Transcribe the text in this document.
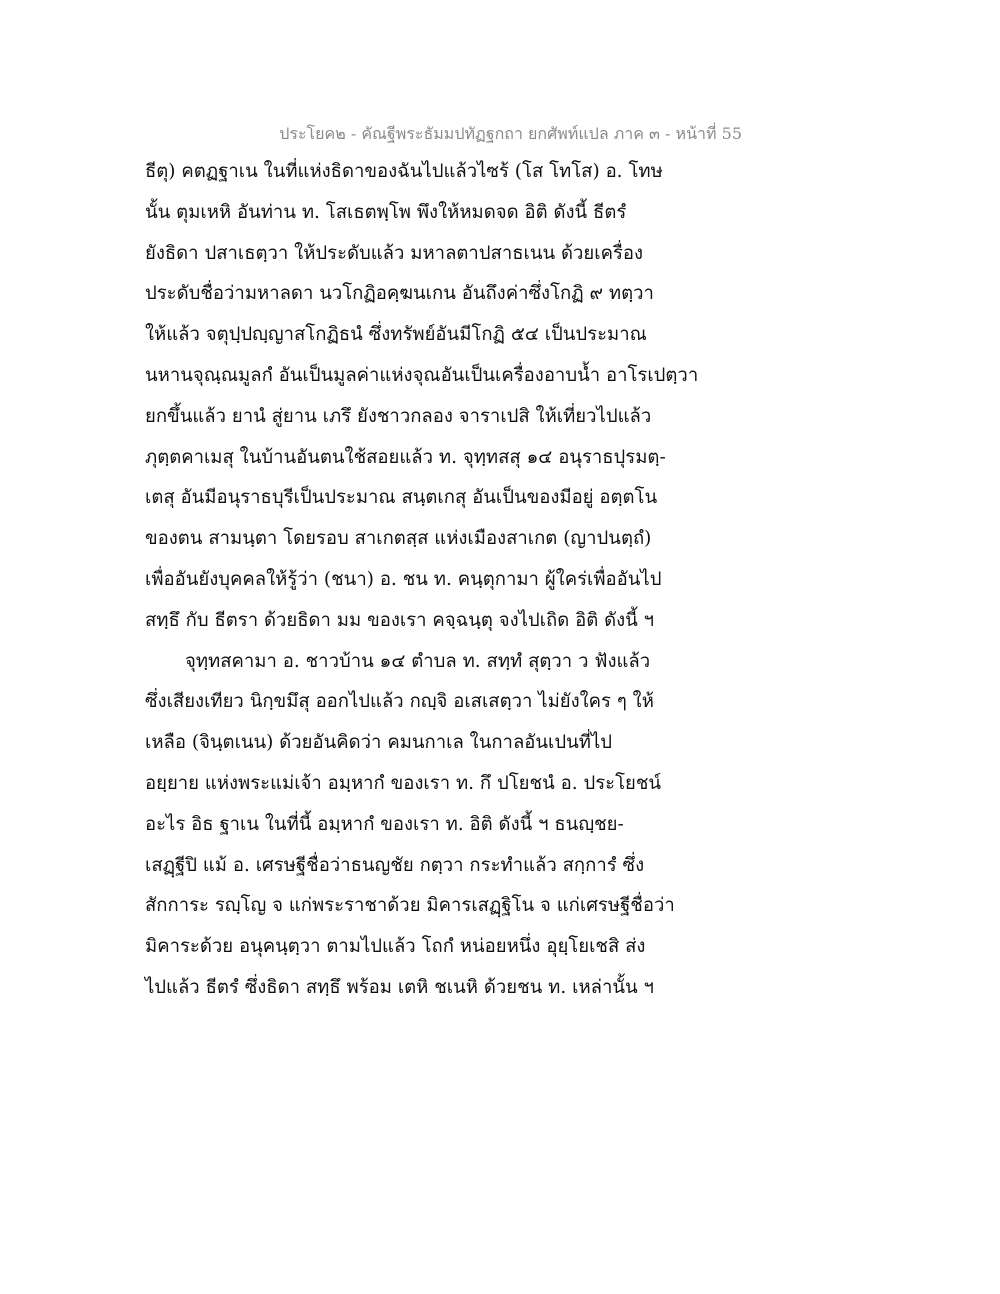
ประโยค๒ - คัณฐีพระธัมมปทัฏฐกถา ยกศัพท์แปล ภาค ๓ - หน้าที่ 55
ธีตุ) คตฏฐาเน ในที่แห่งธิดาของฉันไปแล้วไซร้ (โส โทโส) อ. โทษ
นั้น ตุมเหหิ อันท่าน ท. โสเธตพฺโพ พึงให้หมดจด อิติ ดังนี้ ธีตรํ
ยังธิดา ปสาเธตฺวา ให้ประดับแล้ว มหาลตาปสาธเนน ด้วยเครื่อง
ประดับชื่อว่ามหาลดา นวโกฏิอคฺฆนเกน อันถึงค่าซึ่งโกฏิ ๙ ทตฺวา
ให้แล้ว จตุปฺปญฺญาสโกฏิธนํ ซึ่งทรัพย์อันมีโกฏิ ๕๔ เป็นประมาณ
นหานจุณฺณมูลกํ อันเป็นมูลค่าแห่งจุณอันเป็นเครื่องอาบน้ำ อาโรเปตฺวา
ยกขึ้นแล้ว ยานํ สู่ยาน เภรึ ยังชาวกลอง จาราเปสิ ให้เที่ยวไปแล้ว
ภุตฺตคาเมสุ ในบ้านอันตนใช้สอยแล้ว ท. จุทฺทสสุ ๑๔ อนุราธปุรมตฺ-
เตสุ อันมีอนุราธบุรีเป็นประมาณ สนฺตเกสุ อันเป็นของมีอยู่ อตฺตโน
ของตน สามนฺตา โดยรอบ สาเกตสฺส แห่งเมืองสาเกต (ญาปนตฺถํ)
เพื่ออันยังบุคคลให้รู้ว่า (ชนา) อ. ชน ท. คนฺตุกามา ผู้ใคร่เพื่ออันไป
สทฺธึ กับ ธีตรา ด้วยธิดา มม ของเรา คจฺฉนฺตุ จงไปเถิด อิติ ดังนี้ ฯ
จุทฺทสคามา อ. ชาวบ้าน ๑๔ ตำบล ท. สทฺทํ สุตฺวา ว ฟังแล้ว
ซึ่งเสียงเทียว นิกฺขมึสุ ออกไปแล้ว กญฺจิ อเสเสตฺวา ไม่ยังใคร ๆ ให้
เหลือ (จินฺตเนน) ด้วยอันคิดว่า คมนกาเล ในกาลอันเปนที่ไป
อยฺยาย แห่งพระแม่เจ้า อมฺหากํ ของเรา ท. กึ ปโยชนํ อ. ประโยชน์
อะไร อิธ ฐาเน ในที่นี้ อมฺหากํ ของเรา ท. อิติ ดังนี้ ฯ ธนญฺชย-
เสฏฺฐีปิ แม้ อ. เศรษฐีชื่อว่าธนญชัย กตฺวา กระทำแล้ว สกฺการํ ซึ่ง
สักการะ รญฺโญ จ แก่พระราชาด้วย มิคารเสฏฺฐิโน จ แก่เศรษฐีชื่อว่า
มิคาระด้วย อนุคนฺตฺวา ตามไปแล้ว โถกํ หน่อยหนึ่ง อุยฺโยเชสิ ส่ง
ไปแล้ว ธีตรํ ซึ่งธิดา สทฺธึ พร้อม เตหิ ชเนหิ ด้วยชน ท. เหล่านั้น ฯ
